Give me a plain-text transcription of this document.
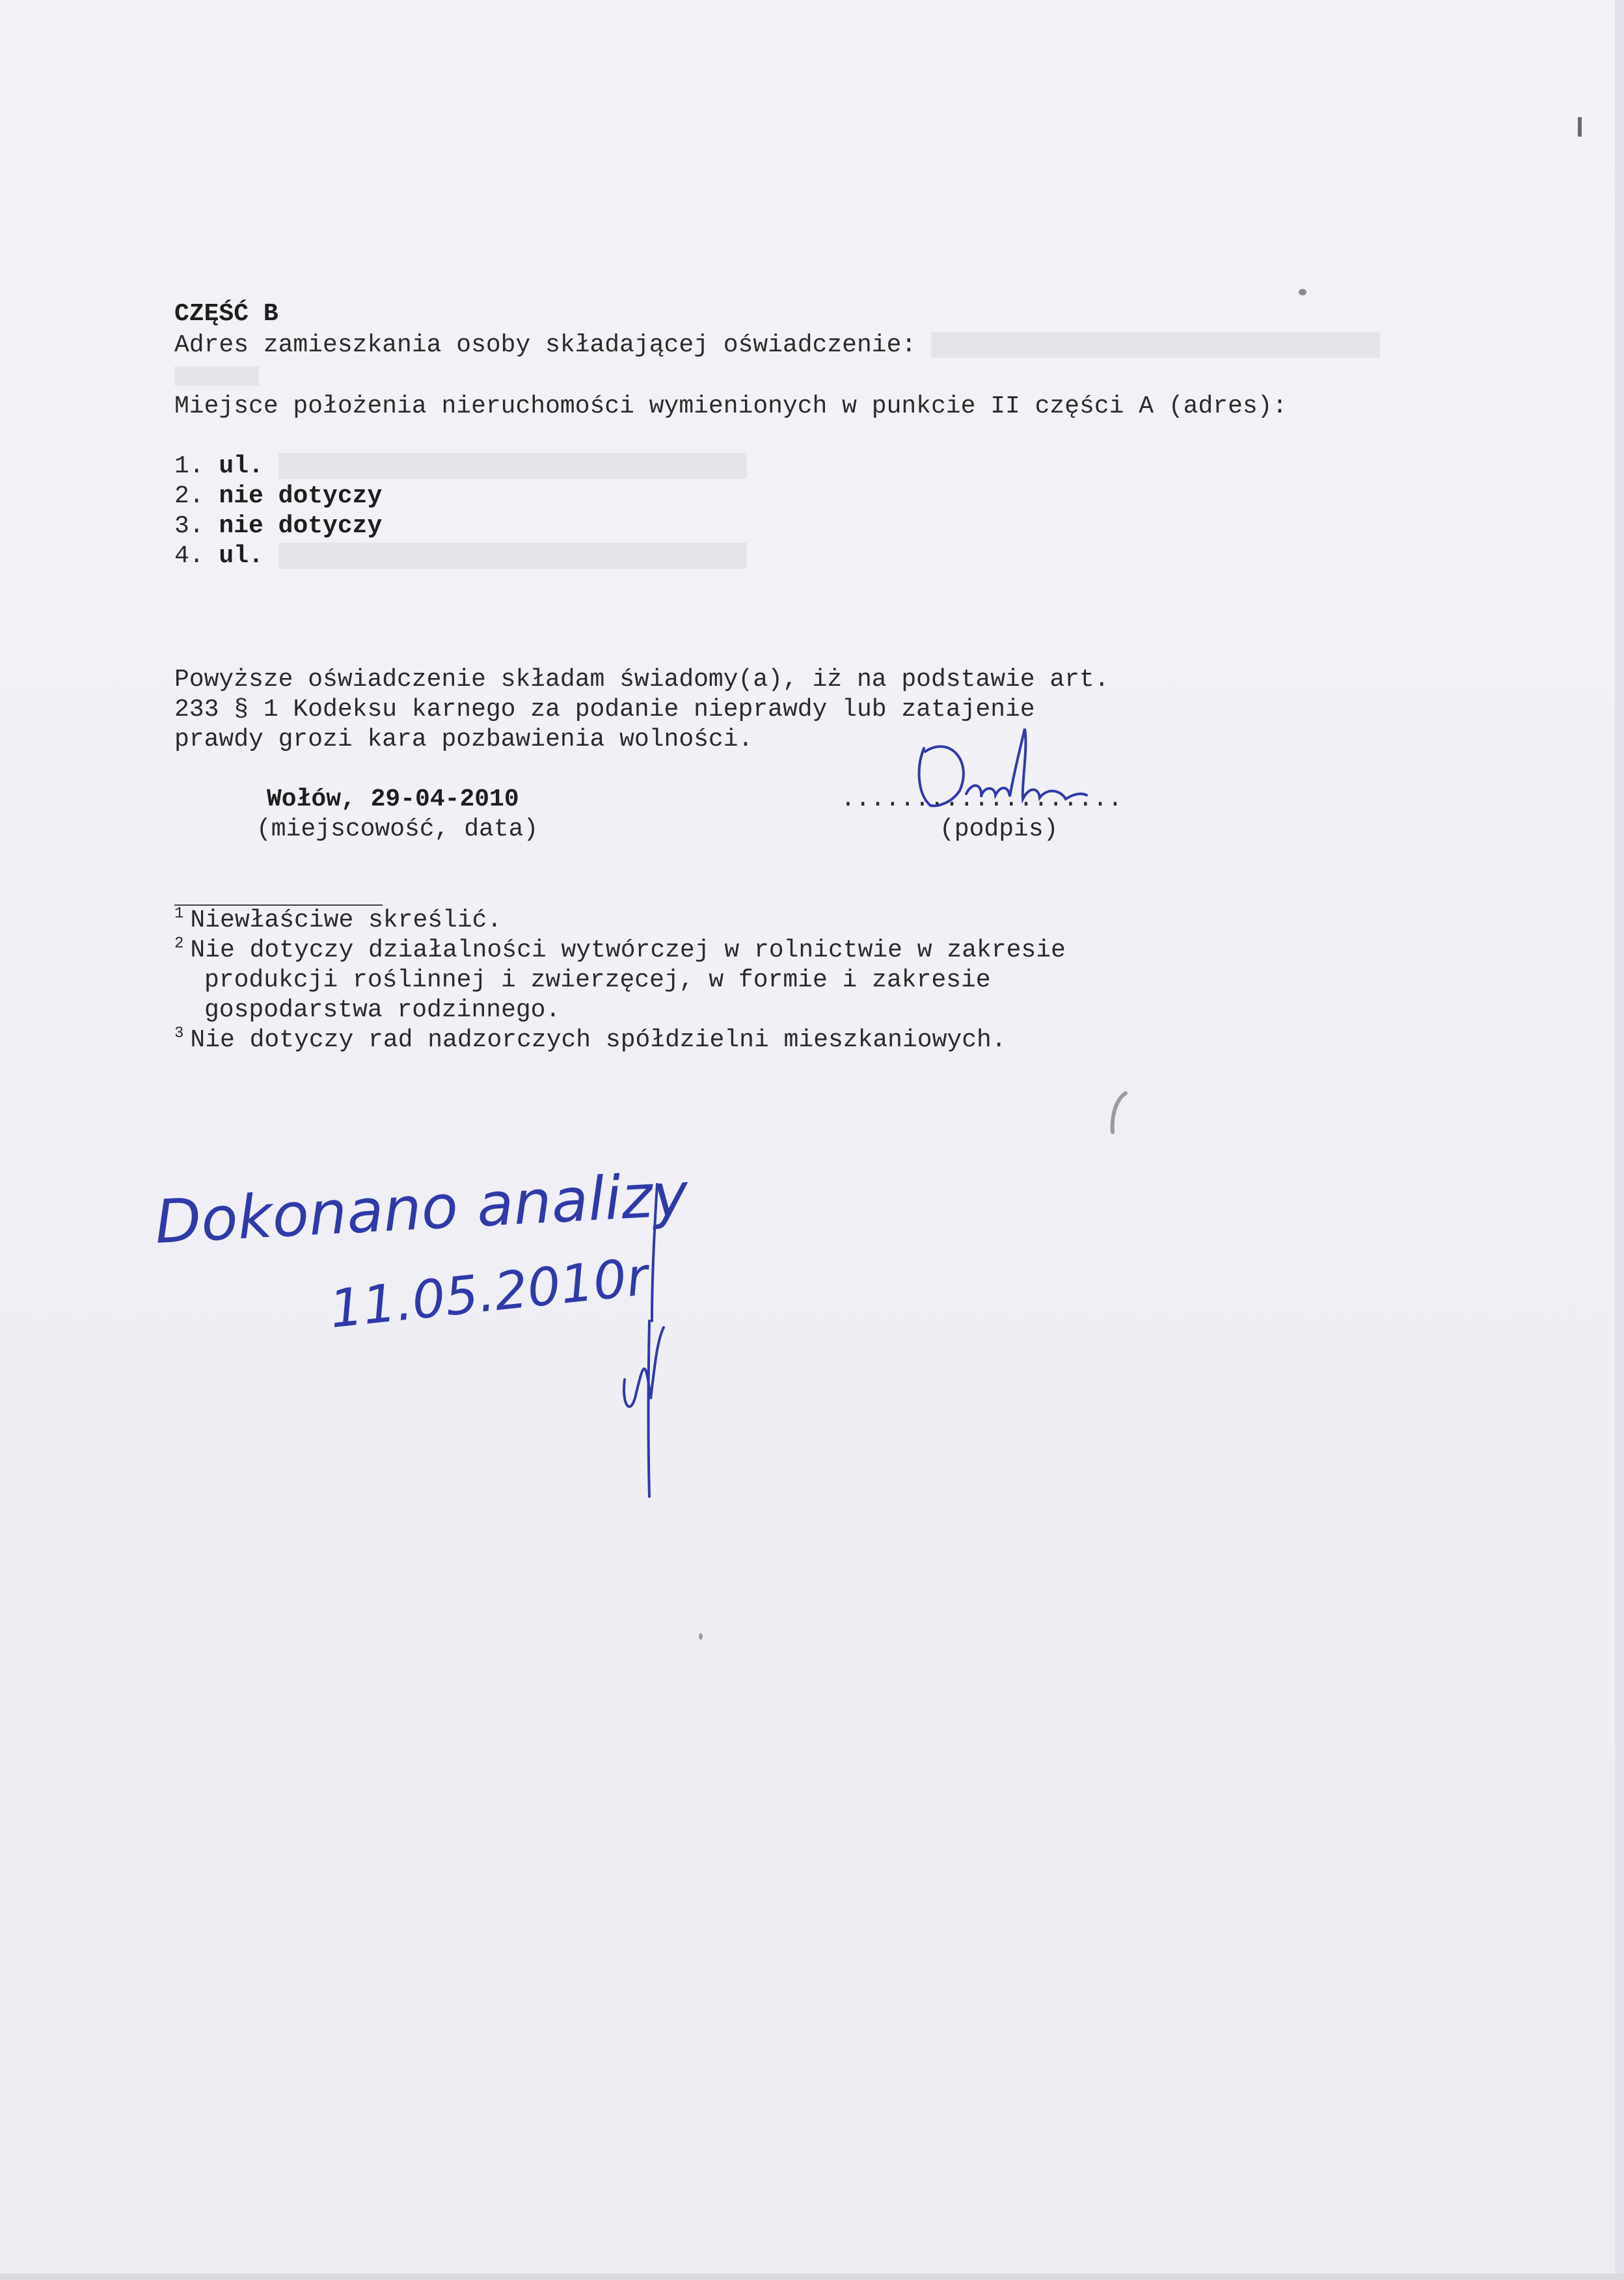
CZĘŚĆ B
Adres zamieszkania osoby składającej oświadczenie:
Miejsce położenia nieruchomości wymienionych w punkcie II części A (adres):
1. ul.
2. nie dotyczy
3. nie dotyczy
4. ul.
Powyższe oświadczenie składam świadomy(a), iż na podstawie art.
233 § 1 Kodeksu karnego za podanie nieprawdy lub zatajenie
prawdy grozi kara pozbawienia wolności.
Wołów, 29-04-2010
(miejscowość, data)
...................
(podpis)
$^1$ Niewłaściwe skreślić.
$^2$ Nie dotyczy działalności wytwórczej w rolnictwie w zakresie
produkcji roślinnej i zwierzęcej, w formie i zakresie
gospodarstwa rodzinnego.
$^3$ Nie dotyczy rad nadzorczych spółdzielni mieszkaniowych.
Dokonano analizy
11.05.2010r
